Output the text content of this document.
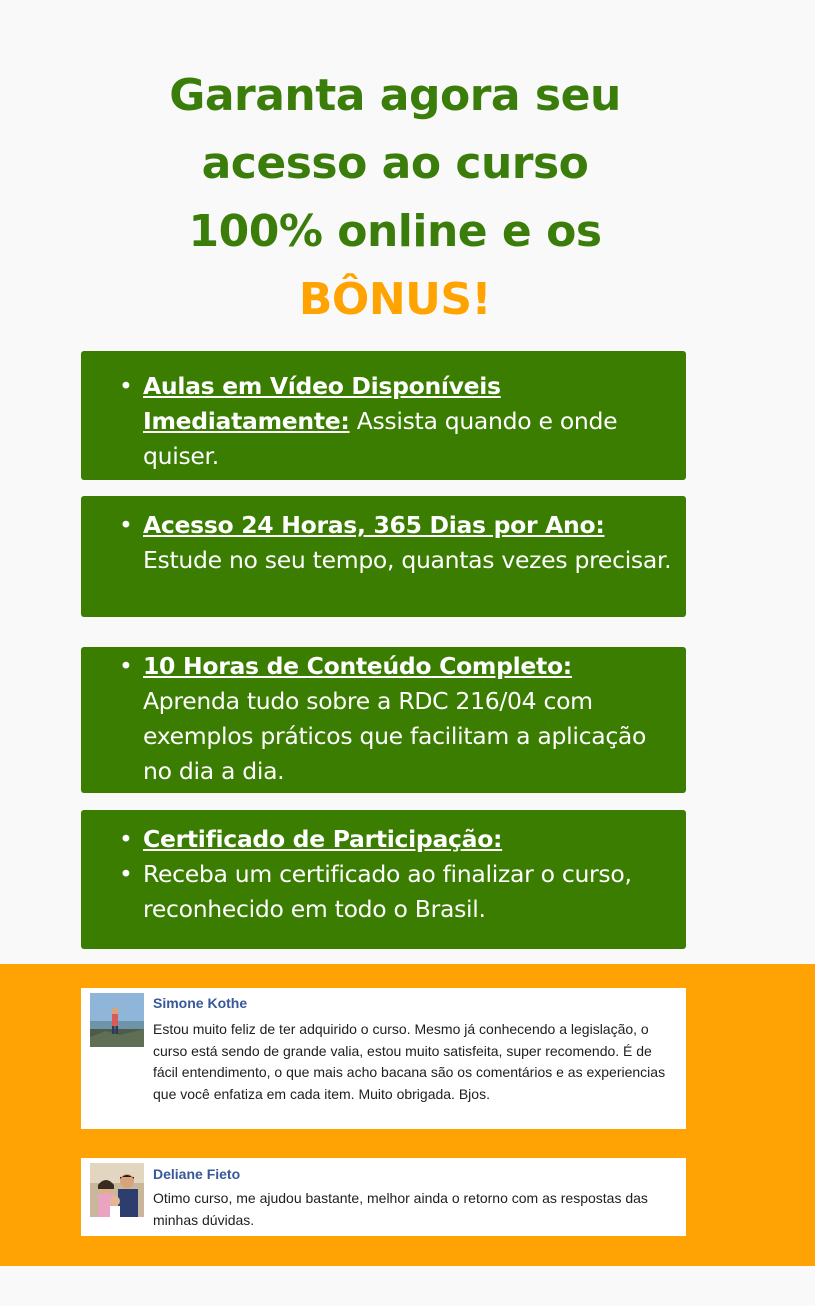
Garanta agora seu
acesso ao curso
100% online e os
BÔNUS!
• Aulas em Vídeo Disponíveis Imediatamente: Assista quando e onde quiser.
• Acesso 24 Horas, 365 Dias por Ano:
Estude no seu tempo, quantas vezes precisar.
• 10 Horas de Conteúdo Completo:
Aprenda tudo sobre a RDC 216/04 com exemplos práticos que facilitam a aplicação no dia a dia.
• Certificado de Participação:
• Receba um certificado ao finalizar o curso, reconhecido em todo o Brasil.
Simone Kothe
Estou muito feliz de ter adquirido o curso. Mesmo já conhecendo a legislação, o curso está sendo de grande valia, estou muito satisfeita, super recomendo. É de fácil entendimento, o que mais acho bacana são os comentários e as experiencias que você enfatiza em cada item. Muito obrigada. Bjos.
Deliane Fieto
Otimo curso, me ajudou bastante, melhor ainda o retorno com as respostas das minhas dúvidas.
